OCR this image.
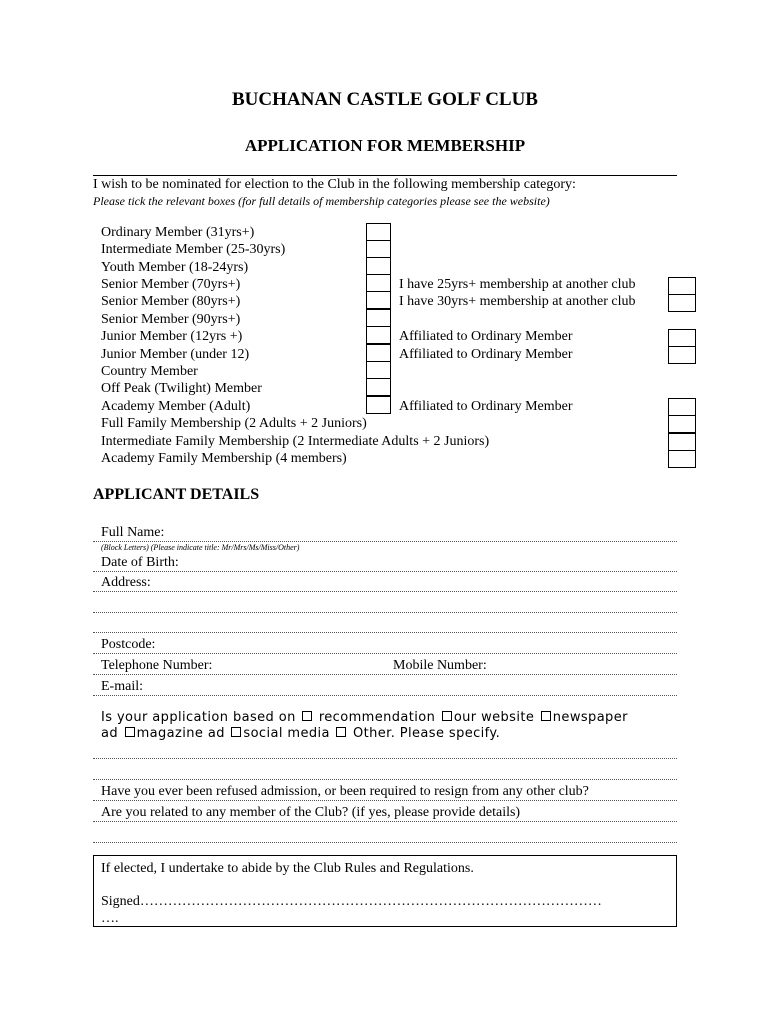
BUCHANAN CASTLE GOLF CLUB
APPLICATION FOR MEMBERSHIP
I wish to be nominated for election to the Club in the following membership category:
Please tick the relevant boxes (for full details of membership categories please see the website)
Ordinary Member (31yrs+)
Intermediate Member (25-30yrs)
Youth Member (18-24yrs)
Senior Member (70yrs+)
Senior Member (80yrs+)
Senior Member (90yrs+)
Junior Member (12yrs +)
Junior Member (under 12)
Country Member
Off Peak (Twilight) Member
Academy Member (Adult)
Full Family Membership (2 Adults + 2 Juniors)
Intermediate Family Membership (2 Intermediate Adults + 2 Juniors)
Academy Family Membership (4 members)
I have 25yrs+ membership at another club
I have 30yrs+ membership at another club
Affiliated to Ordinary Member
Affiliated to Ordinary Member
Affiliated to Ordinary Member
APPLICANT DETAILS
Full Name:
(Block Letters) (Please indicate title: Mr/Mrs/Ms/Miss/Other)
Date of Birth:
Address:
Postcode:
Telephone Number:	Mobile Number:
E-mail:
Is your application based on recommendation our website newspaper
ad magazine ad social media Other. Please specify.
Have you ever been refused admission, or been required to resign from any other club?
Are you related to any member of the Club? (if yes, please provide details)
If elected, I undertake to abide by the Club Rules and Regulations.
Signed………………………………………………………………………………………
….
